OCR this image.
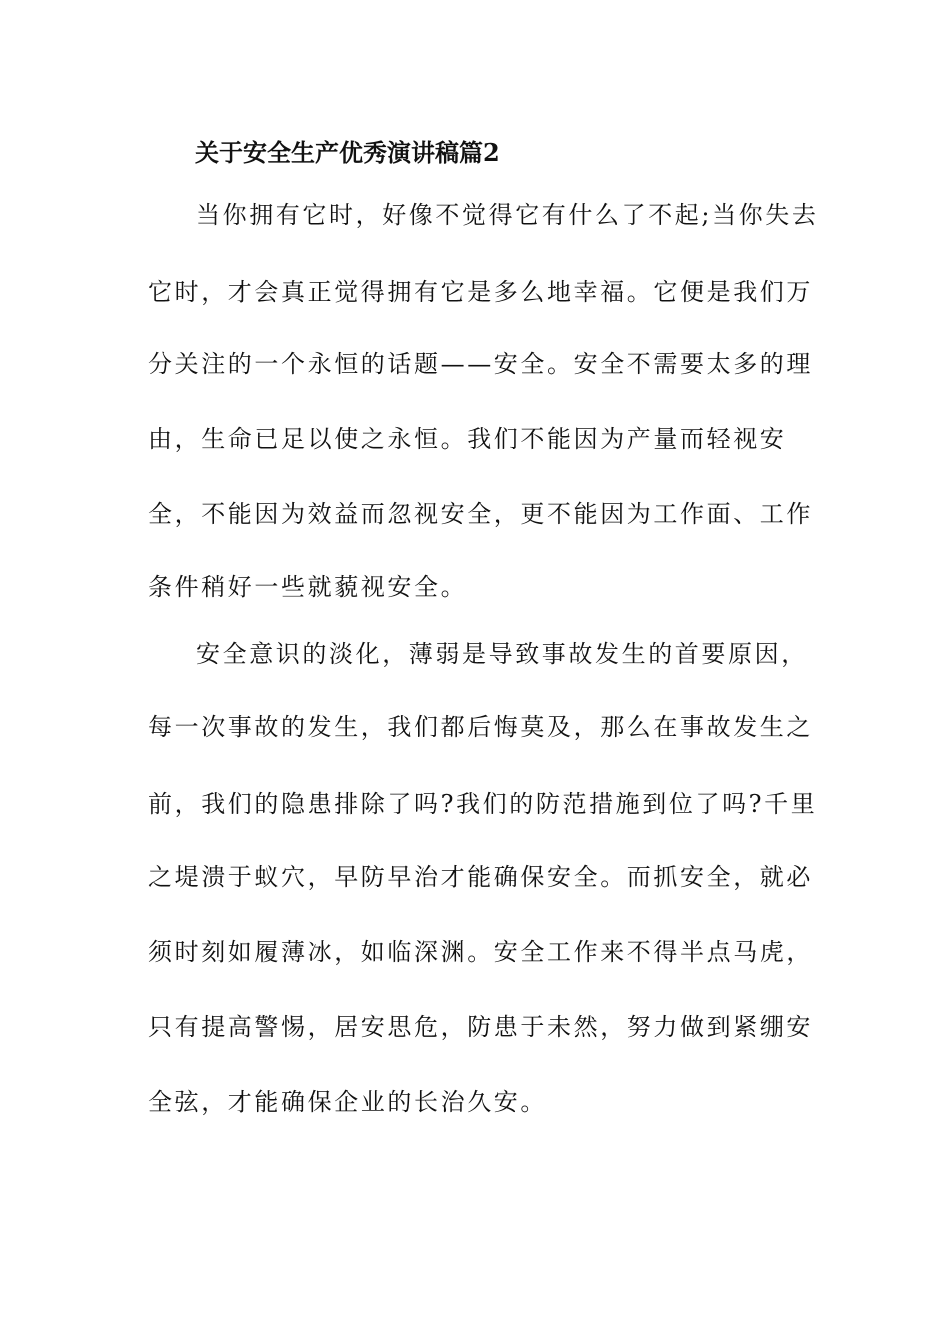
关于安全生产优秀演讲稿篇2

当你拥有它时，好像不觉得它有什么了不起;当你失去

它时，才会真正觉得拥有它是多么地幸福。它便是我们万

分关注的一个永恒的话题——安全。安全不需要太多的理

由，生命已足以使之永恒。我们不能因为产量而轻视安

全，不能因为效益而忽视安全，更不能因为工作面、工作

条件稍好一些就藐视安全。

安全意识的淡化，薄弱是导致事故发生的首要原因，

每一次事故的发生，我们都后悔莫及，那么在事故发生之

前，我们的隐患排除了吗?我们的防范措施到位了吗?千里

之堤溃于蚁穴，早防早治才能确保安全。而抓安全，就必

须时刻如履薄冰，如临深渊。安全工作来不得半点马虎，

只有提高警惕，居安思危，防患于未然，努力做到紧绷安

全弦，才能确保企业的长治久安。
